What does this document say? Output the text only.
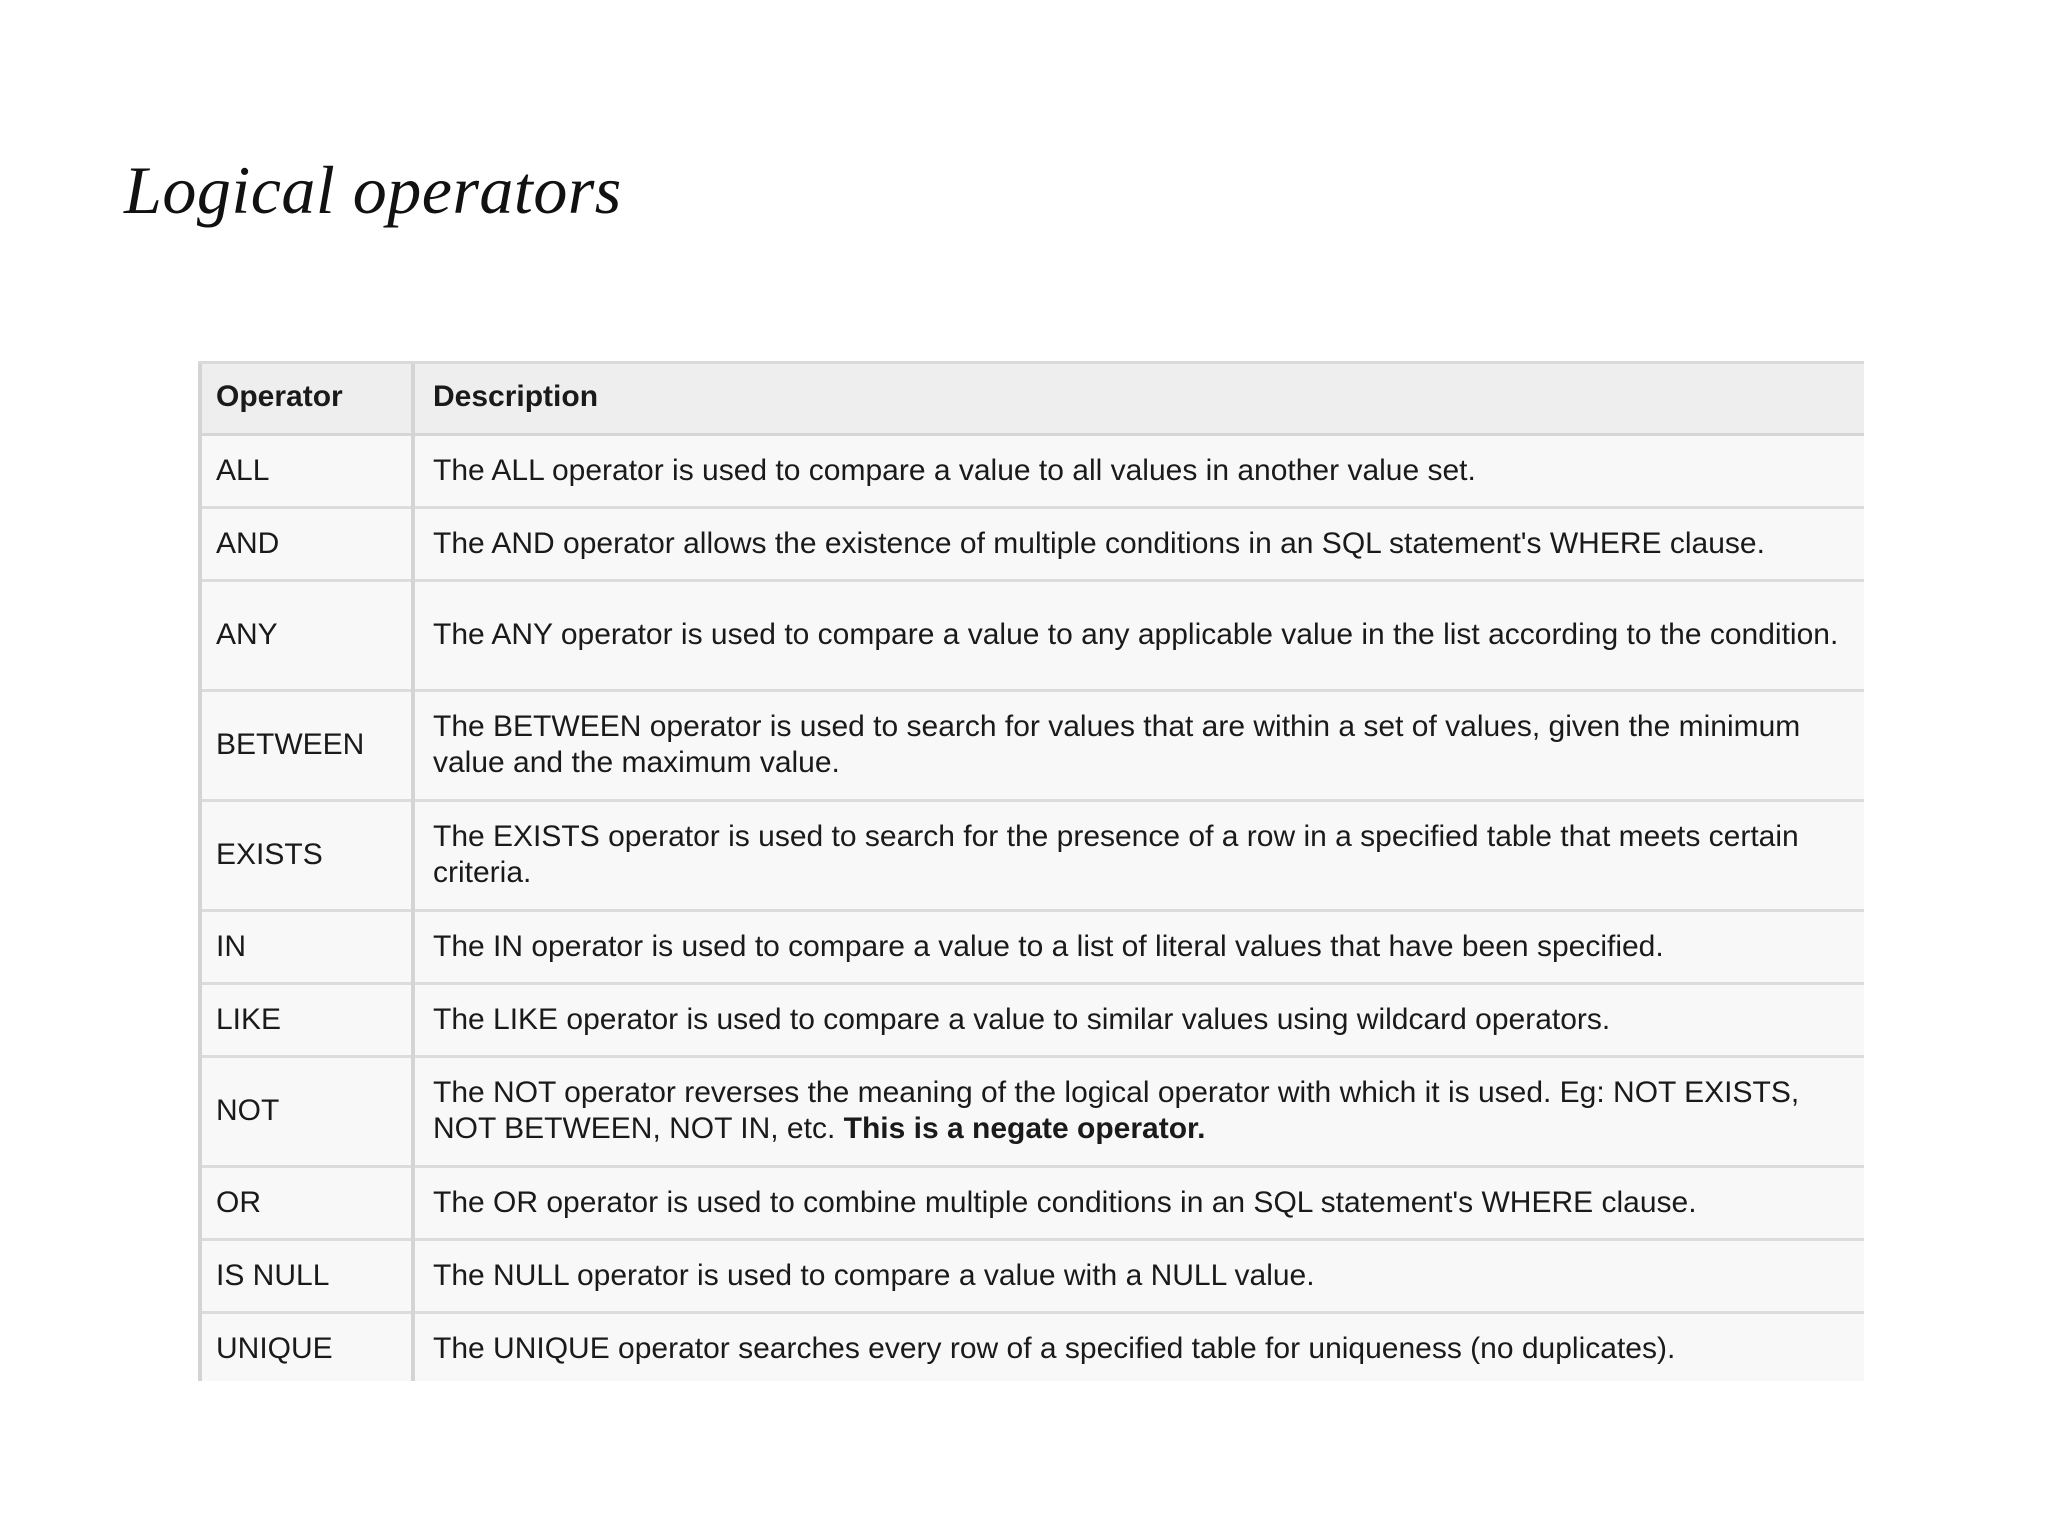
Logical operators
Operator	Description
ALL	The ALL operator is used to compare a value to all values in another value set.
AND	The AND operator allows the existence of multiple conditions in an SQL statement's WHERE clause.
ANY	The ANY operator is used to compare a value to any applicable value in the list according to the condition.
BETWEEN	The BETWEEN operator is used to search for values that are within a set of values, given the minimum value and the maximum value.
EXISTS	The EXISTS operator is used to search for the presence of a row in a specified table that meets certain criteria.
IN	The IN operator is used to compare a value to a list of literal values that have been specified.
LIKE	The LIKE operator is used to compare a value to similar values using wildcard operators.
NOT	The NOT operator reverses the meaning of the logical operator with which it is used. Eg: NOT EXISTS, NOT BETWEEN, NOT IN, etc. This is a negate operator.
OR	The OR operator is used to combine multiple conditions in an SQL statement's WHERE clause.
IS NULL	The NULL operator is used to compare a value with a NULL value.
UNIQUE	The UNIQUE operator searches every row of a specified table for uniqueness (no duplicates).
